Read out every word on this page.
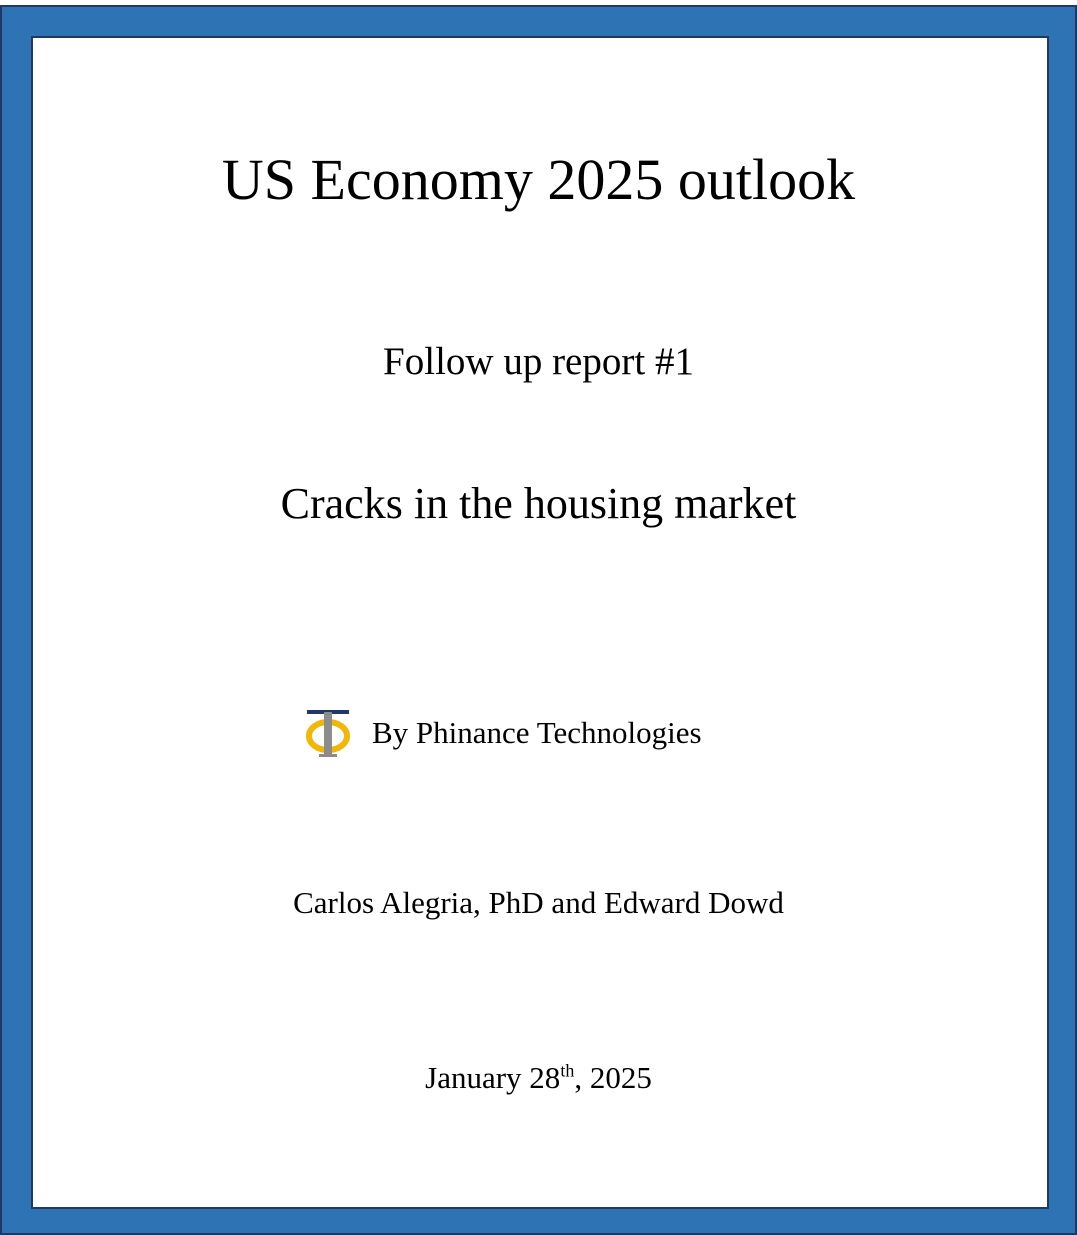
US Economy 2025 outlook
Follow up report #1
Cracks in the housing market
By Phinance Technologies
Carlos Alegria, PhD and Edward Dowd
January 28th, 2025
